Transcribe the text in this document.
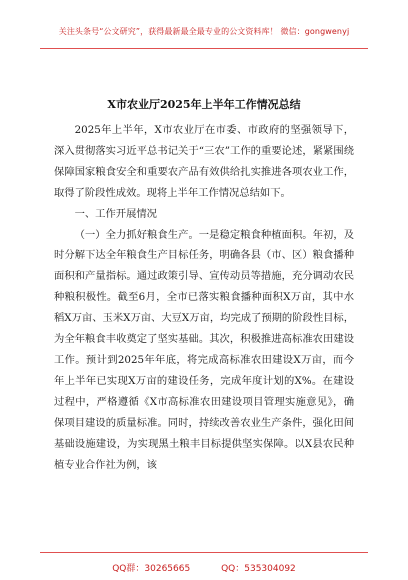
关注头条号“公文研究”，获得最新最全最专业的公文资料库！ 微信：gongwenyj
X市农业厅2025年上半年工作情况总结

2025年上半年，X市农业厅在市委、市政府的坚强领导下，深入贯彻落实习近平总书记关于“三农”工作的重要论述，紧紧围绕保障国家粮食安全和重要农产品有效供给扎实推进各项农业工作，取得了阶段性成效。现将上半年工作情况总结如下。

一、工作开展情况

（一）全力抓好粮食生产。一是稳定粮食种植面积。年初，及时分解下达全年粮食生产目标任务，明确各县（市、区）粮食播种面积和产量指标。通过政策引导、宣传动员等措施，充分调动农民种粮积极性。截至6月，全市已落实粮食播种面积X万亩，其中水稻X万亩、玉米X万亩、大豆X万亩，均完成了预期的阶段性目标，为全年粮食丰收奠定了坚实基础。其次，积极推进高标准农田建设工作。预计到2025年年底，将完成高标准农田建设X万亩，而今年上半年已实现X万亩的建设任务，完成年度计划的X%。在建设过程中，严格遵循《X市高标准农田建设项目管理实施意见》，确保项目建设的质量标准。同时，持续改善农业生产条件，强化田间基础设施建设，为实现黑土粮丰目标提供坚实保障。以X县农民种植专业合作社为例，该

QQ群：30265665	QQ：535304092
